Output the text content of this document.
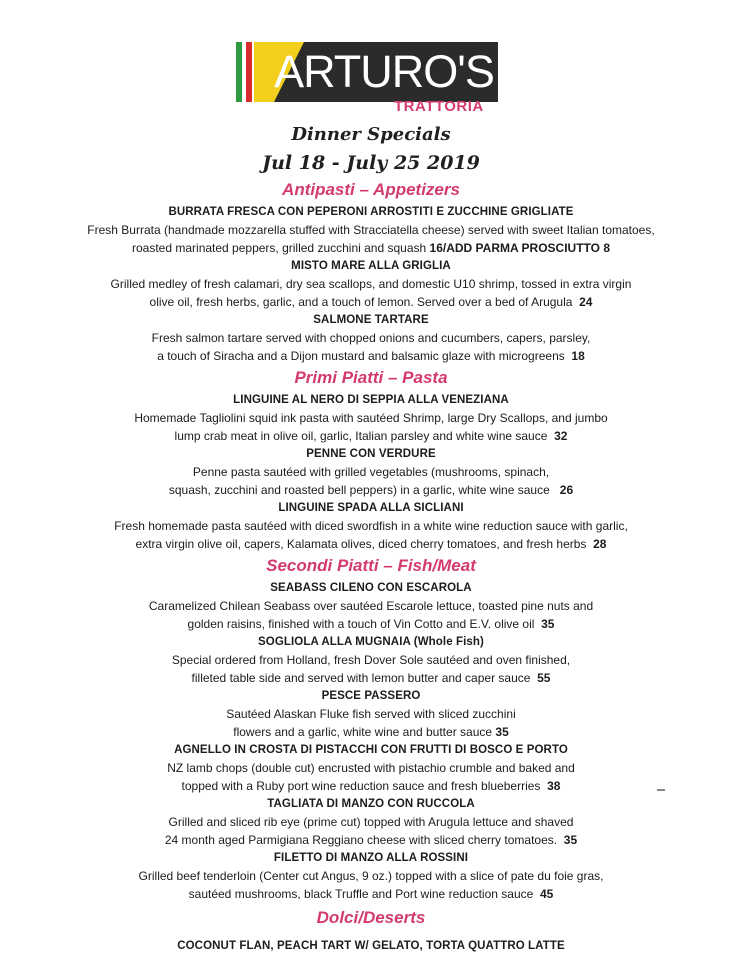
ARTURO'S
TRATTORIA
Dinner Specials
Jul 18 - July 25 2019
Antipasti – Appetizers
BURRATA FRESCA CON PEPERONI ARROSTITI E ZUCCHINE GRIGLIATE
Fresh Burrata (handmade mozzarella stuffed with Stracciatella cheese) served with sweet Italian tomatoes,
roasted marinated peppers, grilled zucchini and squash 16/ADD PARMA PROSCIUTTO 8
MISTO MARE ALLA GRIGLIA
Grilled medley of fresh calamari, dry sea scallops, and domestic U10 shrimp, tossed in extra virgin
olive oil, fresh herbs, garlic, and a touch of lemon. Served over a bed of Arugula 24
SALMONE TARTARE
Fresh salmon tartare served with chopped onions and cucumbers, capers, parsley,
a touch of Siracha and a Dijon mustard and balsamic glaze with microgreens 18
Primi Piatti – Pasta
LINGUINE AL NERO DI SEPPIA ALLA VENEZIANA
Homemade Tagliolini squid ink pasta with sautéed Shrimp, large Dry Scallops, and jumbo
lump crab meat in olive oil, garlic, Italian parsley and white wine sauce 32
PENNE CON VERDURE
Penne pasta sautéed with grilled vegetables (mushrooms, spinach,
squash, zucchini and roasted bell peppers) in a garlic, white wine sauce 26
LINGUINE SPADA ALLA SICLIANI
Fresh homemade pasta sautéed with diced swordfish in a white wine reduction sauce with garlic,
extra virgin olive oil, capers, Kalamata olives, diced cherry tomatoes, and fresh herbs 28
Secondi Piatti – Fish/Meat
SEABASS CILENO CON ESCAROLA
Caramelized Chilean Seabass over sautéed Escarole lettuce, toasted pine nuts and
golden raisins, finished with a touch of Vin Cotto and E.V. olive oil 35
SOGLIOLA ALLA MUGNAIA (Whole Fish)
Special ordered from Holland, fresh Dover Sole sautéed and oven finished,
filleted table side and served with lemon butter and caper sauce 55
PESCE PASSERO
Sautéed Alaskan Fluke fish served with sliced zucchini
flowers and a garlic, white wine and butter sauce 35
AGNELLO IN CROSTA DI PISTACCHI CON FRUTTI DI BOSCO E PORTO
NZ lamb chops (double cut) encrusted with pistachio crumble and baked and
topped with a Ruby port wine reduction sauce and fresh blueberries 38
TAGLIATA DI MANZO CON RUCCOLA
Grilled and sliced rib eye (prime cut) topped with Arugula lettuce and shaved
24 month aged Parmigiana Reggiano cheese with sliced cherry tomatoes. 35
FILETTO DI MANZO ALLA ROSSINI
Grilled beef tenderloin (Center cut Angus, 9 oz.) topped with a slice of pate du foie gras,
sautéed mushrooms, black Truffle and Port wine reduction sauce 45
Dolci/Deserts
COCONUT FLAN, PEACH TART W/ GELATO, TORTA QUATTRO LATTE
